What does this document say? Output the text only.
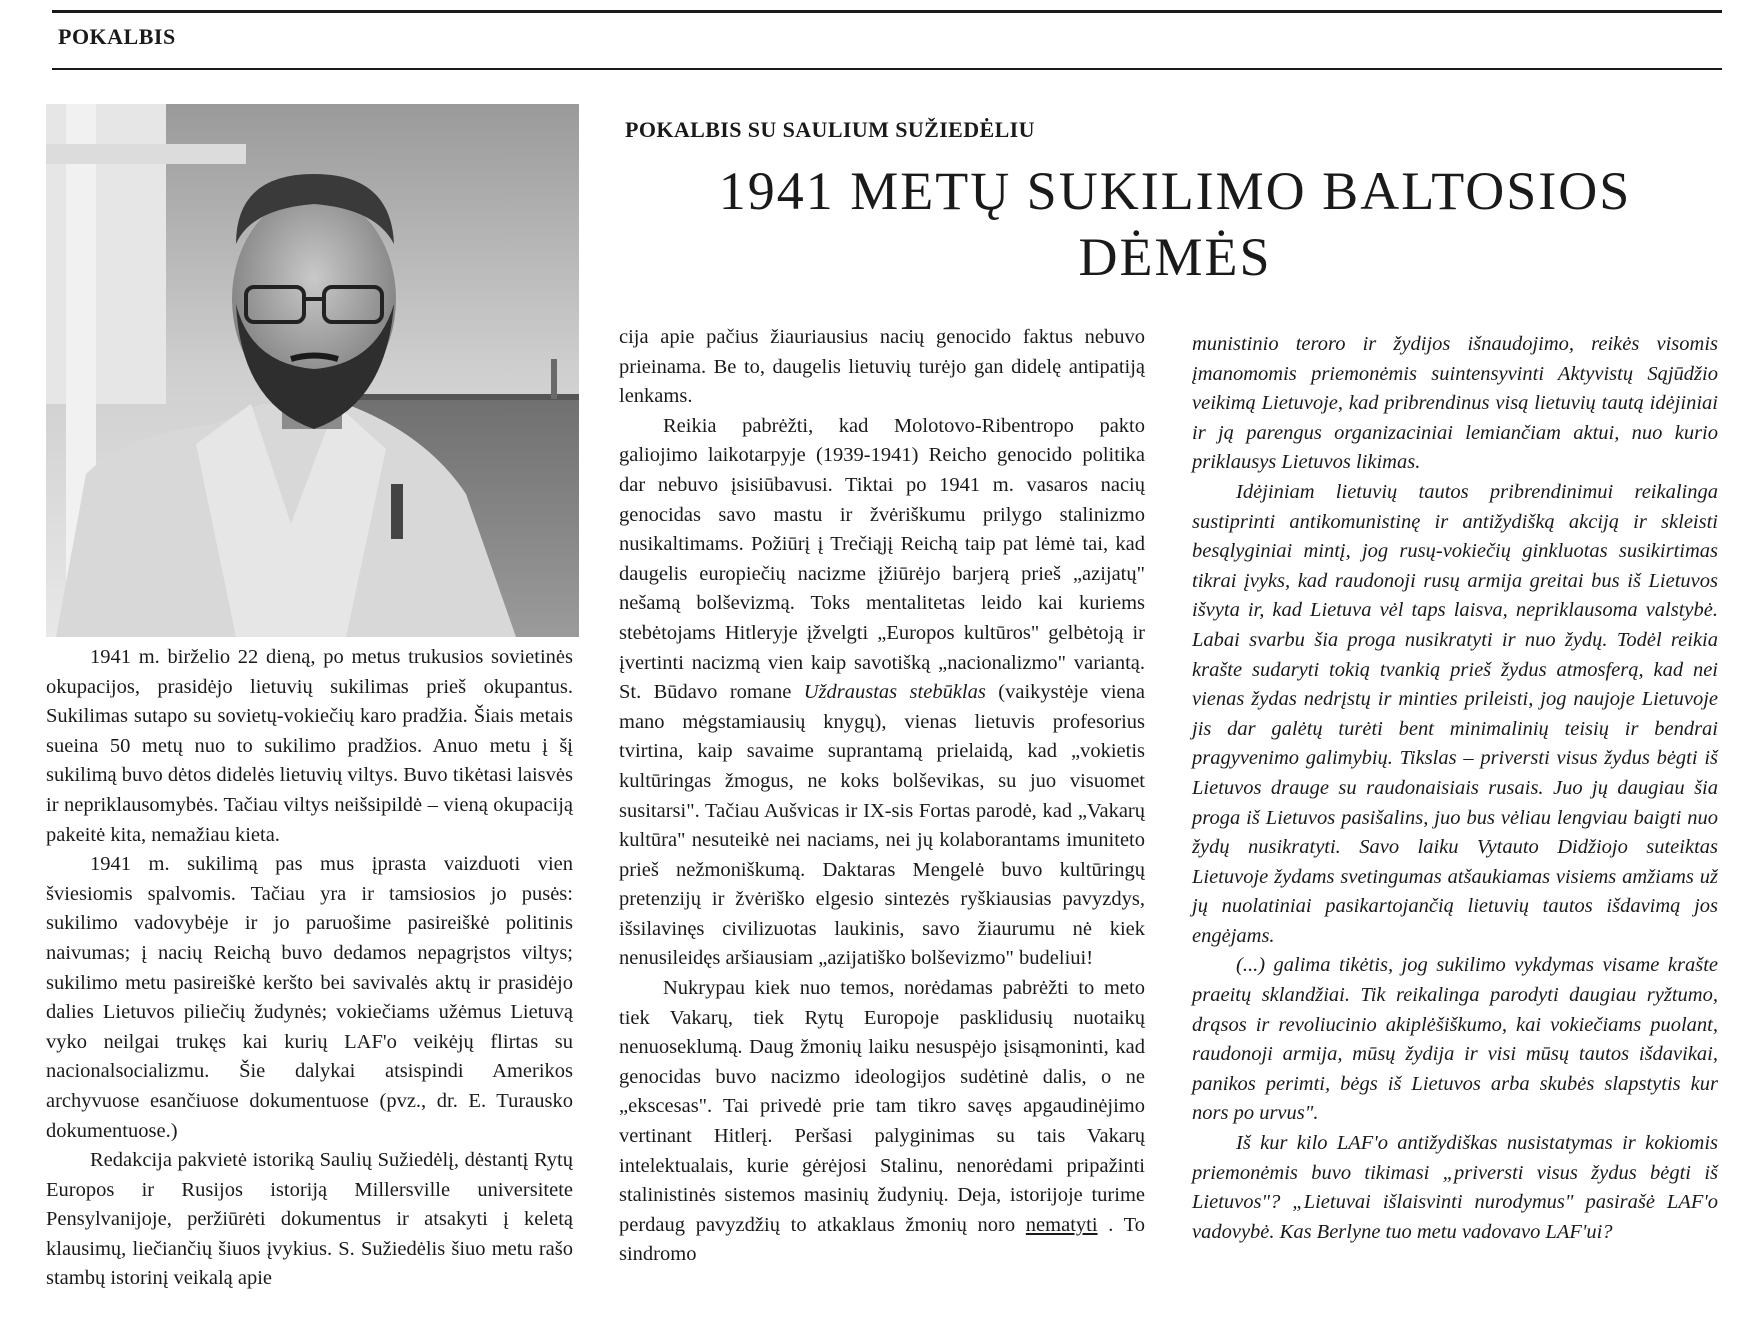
POKALBIS
POKALBIS SU SAULIUM SUŽIEDĖLIU
1941 METŲ SUKILIMO BALTOSIOS
DĖMĖS

1941 m. birželio 22 dieną, po metus trukusios sovietinės okupacijos, prasidėjo lietuvių sukilimas prieš okupantus. Sukilimas sutapo su sovietų-vokiečių karo pradžia. Šiais metais sueina 50 metų nuo to sukilimo pradžios. Anuo metu į šį sukilimą buvo dėtos didelės lietuvių viltys. Buvo tikėtasi laisvės ir nepriklausomybės. Tačiau viltys neišsipildė – vieną okupaciją pakeitė kita, nemažiau kieta.

1941 m. sukilimą pas mus įprasta vaizduoti vien šviesiomis spalvomis. Tačiau yra ir tamsiosios jo pusės: sukilimo vadovybėje ir jo paruošime pasireiškė politinis naivumas; į nacių Reichą buvo dedamos nepagrįstos viltys; sukilimo metu pasireiškė keršto bei savivalės aktų ir prasidėjo dalies Lietuvos piliečių žudynės; vokiečiams užėmus Lietuvą vyko neilgai trukęs kai kurių LAF'o veikėjų flirtas su nacionalsocializmu. Šie dalykai atsispindi Amerikos archyvuose esančiuose dokumentuose (pvz., dr. E. Turausko dokumentuose.)

Redakcija pakvietė istoriką Saulių Sužiedėlį, dėstantį Rytų Europos ir Rusijos istoriją Millersville universitete Pensylvanijoje, peržiūrėti dokumentus ir atsakyti į keletą klausimų, liečiančių šiuos įvykius. S. Sužiedėlis šiuo metu rašo stambų istorinį veikalą apie

cija apie pačius žiauriausius nacių genocido faktus nebuvo prieinama. Be to, daugelis lietuvių turėjo gan didelę antipatiją lenkams.

Reikia pabrėžti, kad Molotovo-Ribentropo pakto galiojimo laikotarpyje (1939-1941) Reicho genocido politika dar nebuvo įsisiūbavusi. Tiktai po 1941 m. vasaros nacių genocidas savo mastu ir žvėriškumu prilygo stalinizmo nusikaltimams. Požiūrį į Trečiąjį Reichą taip pat lėmė tai, kad daugelis europiečių nacizme įžiūrėjo barjerą prieš „azijatų" nešamą bolševizmą. Toks mentalitetas leido kai kuriems stebėtojams Hitleryje įžvelgti „Europos kultūros" gelbėtoją ir įvertinti nacizmą vien kaip savotišką „nacionalizmo" variantą. St. Būdavo romane Uždraustas stebūklas (vaikystėje viena mano mėgstamiausių knygų), vienas lietuvis profesorius tvirtina, kaip savaime suprantamą prielaidą, kad „vokietis kultūringas žmogus, ne koks bolševikas, su juo visuomet susitarsi". Tačiau Aušvicas ir IX-sis Fortas parodė, kad „Vakarų kultūra" nesuteikė nei naciams, nei jų kolaborantams imuniteto prieš nežmoniškumą. Daktaras Mengelė buvo kultūringų pretenzijų ir žvėriško elgesio sintezės ryškiausias pavyzdys, išsilavinęs civilizuotas laukinis, savo žiaurumu nė kiek nenusileidęs aršiausiam „azijatiško bolševizmo" budeliui!

Nukrypau kiek nuo temos, norėdamas pabrėžti to meto tiek Vakarų, tiek Rytų Europoje pasklidusių nuotaikų nenuoseklumą. Daug žmonių laiku nesuspėjo įsisąmoninti, kad genocidas buvo nacizmo ideologijos sudėtinė dalis, o ne „ekscesas". Tai privedė prie tam tikro savęs apgaudinėjimo vertinant Hitlerį. Peršasi palyginimas su tais Vakarų intelektualais, kurie gėrėjosi Stalinu, nenorėdami pripažinti stalinistinės sistemos masinių žudynių. Deja, istorijoje turime perdaug pavyzdžių to atkaklaus žmonių noro nematyti . To sindromo

munistinio teroro ir žydijos išnaudojimo, reikės visomis įmanomomis priemonėmis suintensyvinti Aktyvistų Sąjūdžio veikimą Lietuvoje, kad pribrendinus visą lietuvių tautą idėjiniai ir ją parengus organizaciniai lemiančiam aktui, nuo kurio priklausys Lietuvos likimas.

Idėjiniam lietuvių tautos pribrendinimui reikalinga sustiprinti antikomunistinę ir antižydišką akciją ir skleisti besąlyginiai mintį, jog rusų-vokiečių ginkluotas susikirtimas tikrai įvyks, kad raudonoji rusų armija greitai bus iš Lietuvos išvyta ir, kad Lietuva vėl taps laisva, nepriklausoma valstybė. Labai svarbu šia proga nusikratyti ir nuo žydų. Todėl reikia krašte sudaryti tokią tvankią prieš žydus atmosferą, kad nei vienas žydas nedrįstų ir minties prileisti, jog naujoje Lietuvoje jis dar galėtų turėti bent minimalinių teisių ir bendrai pragyvenimo galimybių. Tikslas – priversti visus žydus bėgti iš Lietuvos drauge su raudonaisiais rusais. Juo jų daugiau šia proga iš Lietuvos pasišalins, juo bus vėliau lengviau baigti nuo žydų nusikratyti. Savo laiku Vytauto Didžiojo suteiktas Lietuvoje žydams svetingumas atšaukiamas visiems amžiams už jų nuolatiniai pasikartojančią lietuvių tautos išdavimą jos engėjams.

(...) galima tikėtis, jog sukilimo vykdymas visame krašte praeitų sklandžiai. Tik reikalinga parodyti daugiau ryžtumo, drąsos ir revoliucinio akiplėšiškumo, kai vokiečiams puolant, raudonoji armija, mūsų žydija ir visi mūsų tautos išdavikai, panikos perimti, bėgs iš Lietuvos arba skubės slapstytis kur nors po urvus".

Iš kur kilo LAF'o antižydiškas nusistatymas ir kokiomis priemonėmis buvo tikimasi „priversti visus žydus bėgti iš Lietuvos"? „Lietuvai išlaisvinti nurodymus" pasirašė LAF'o vadovybė. Kas Berlyne tuo metu vadovavo LAF'ui?
